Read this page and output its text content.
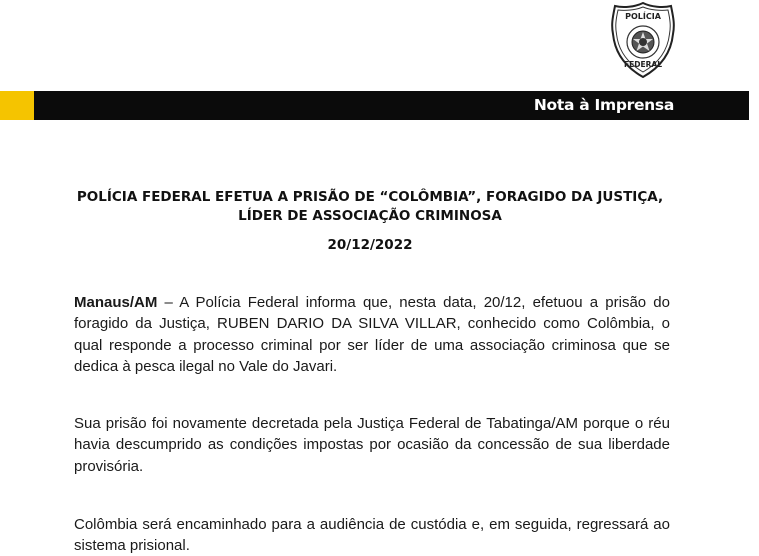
POLÍCIA
FEDERAL
Nota à Imprensa
POLÍCIA FEDERAL EFETUA A PRISÃO DE “COLÔMBIA”, FORAGIDO DA JUSTIÇA, LÍDER DE ASSOCIAÇÃO CRIMINOSA
20/12/2022

Manaus/AM – A Polícia Federal informa que, nesta data, 20/12, efetuou a prisão do foragido da Justiça, RUBEN DARIO DA SILVA VILLAR, conhecido como Colômbia, o qual responde a processo criminal por ser líder de uma associação criminosa que se dedica à pesca ilegal no Vale do Javari.

Sua prisão foi novamente decretada pela Justiça Federal de Tabatinga/AM porque o réu havia descumprido as condições impostas por ocasião da concessão de sua liberdade provisória.

Colômbia será encaminhado para a audiência de custódia e, em seguida, regressará ao sistema prisional.
